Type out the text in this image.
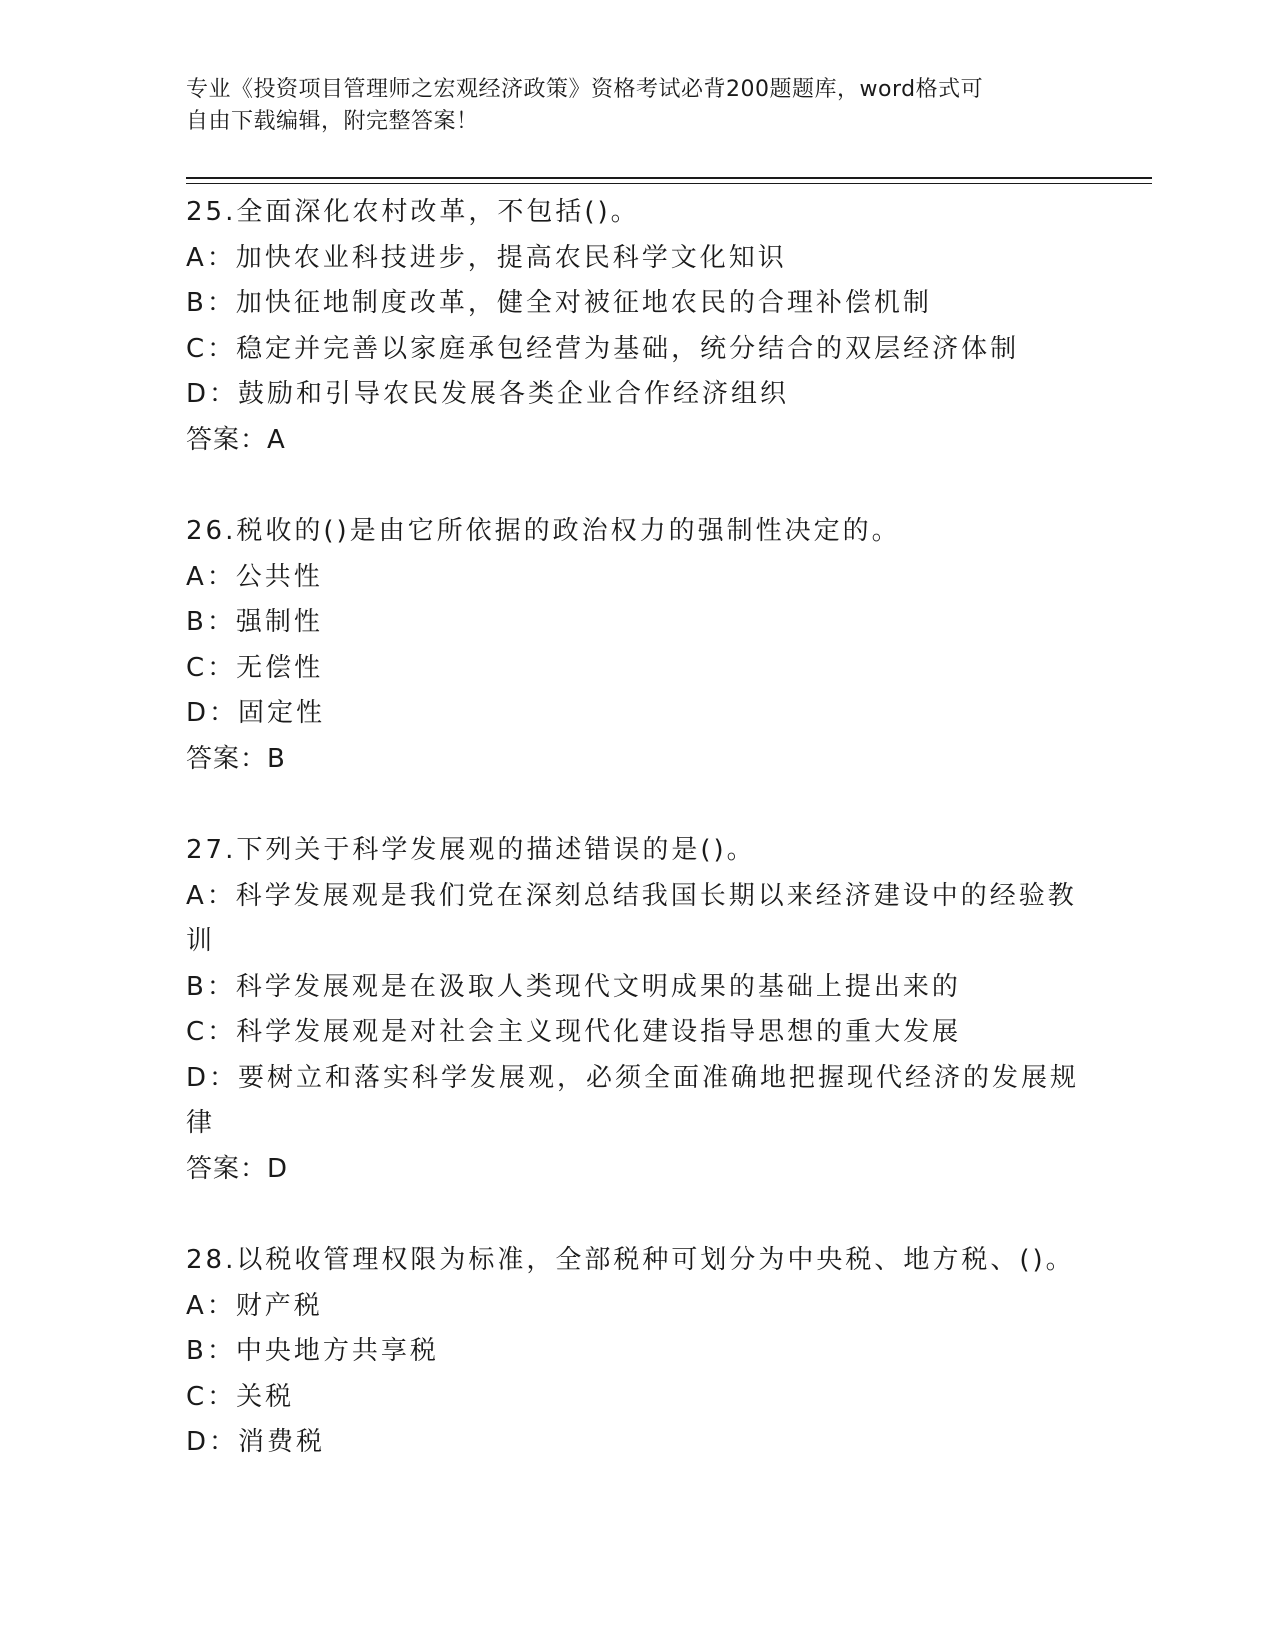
专业《投资项目管理师之宏观经济政策》资格考试必背200题题库，word格式可
自由下载编辑，附完整答案！
25.全面深化农村改革，不包括()。
A：加快农业科技进步，提高农民科学文化知识
B：加快征地制度改革，健全对被征地农民的合理补偿机制
C：稳定并完善以家庭承包经营为基础，统分结合的双层经济体制
D：鼓励和引导农民发展各类企业合作经济组织
答案：A
26.税收的()是由它所依据的政治权力的强制性决定的。
A：公共性
B：强制性
C：无偿性
D：固定性
答案：B
27.下列关于科学发展观的描述错误的是()。
A：科学发展观是我们党在深刻总结我国长期以来经济建设中的经验教训
B：科学发展观是在汲取人类现代文明成果的基础上提出来的
C：科学发展观是对社会主义现代化建设指导思想的重大发展
D：要树立和落实科学发展观，必须全面准确地把握现代经济的发展规律
答案：D
28.以税收管理权限为标准，全部税种可划分为中央税、地方税、()。
A：财产税
B：中央地方共享税
C：关税
D：消费税
